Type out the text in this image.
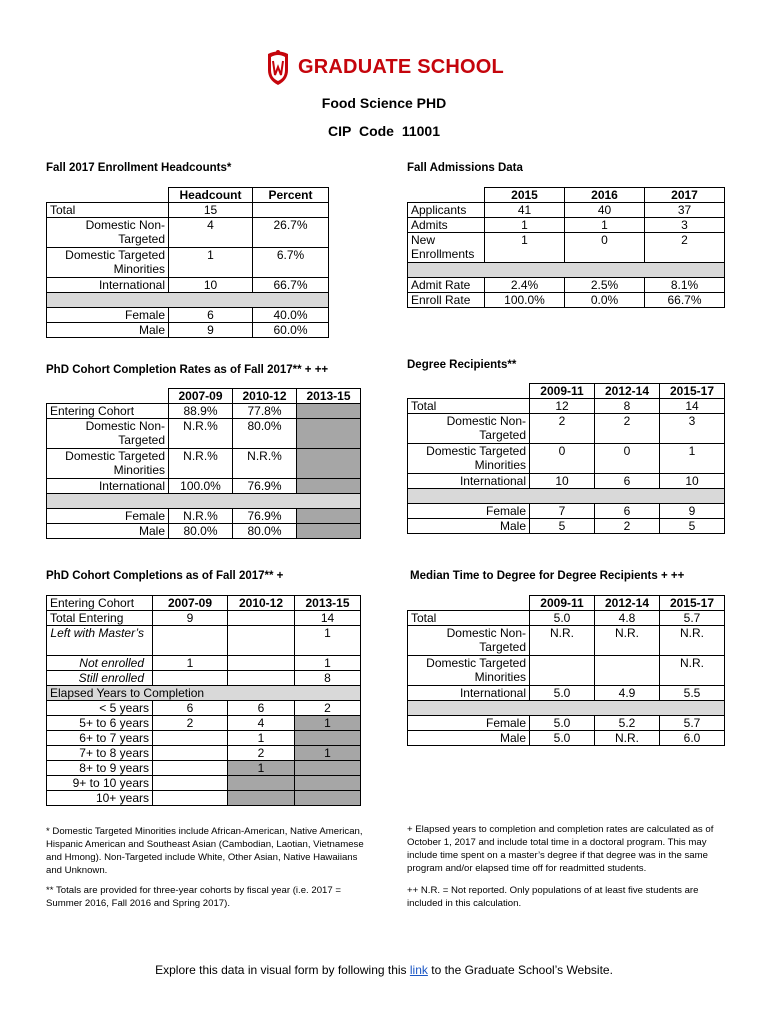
GRADUATE SCHOOL
Food Science PHD
CIP Code 11001
Fall 2017 Enrollment Headcounts*
	Headcount	Percent
Total	15	
Domestic Non-Targeted	4	26.7%
Domestic Targeted Minorities	1	6.7%
International	10	66.7%

Female	6	40.0%
Male	9	60.0%
Fall Admissions Data
	2015	2016	2017
Applicants	41	40	37
Admits	1	1	3
New Enrollments	1	0	2

Admit Rate	2.4%	2.5%	8.1%
Enroll Rate	100.0%	0.0%	66.7%
PhD Cohort Completion Rates as of Fall 2017** + ++
	2007-09	2010-12	2013-15
Entering Cohort	88.9%	77.8%	
Domestic Non-Targeted	N.R.%	80.0%	
Domestic Targeted Minorities	N.R.%	N.R.%	
International	100.0%	76.9%	

Female	N.R.%	76.9%	
Male	80.0%	80.0%	
Degree Recipients**
	2009-11	2012-14	2015-17
Total	12	8	14
Domestic Non-Targeted	2	2	3
Domestic Targeted Minorities	0	0	1
International	10	6	10

Female	7	6	9
Male	5	2	5
PhD Cohort Completions as of Fall 2017** +
Entering Cohort	2007-09	2010-12	2013-15
Total Entering	9		14
Left with Master’s			1
Not enrolled	1		1
Still enrolled			8
Elapsed Years to Completion			
< 5 years	6	6	2
5+ to 6 years	2	4	1
6+ to 7 years		1	
7+ to 8 years		2	1
8+ to 9 years		1	
9+ to 10 years			
10+ years			
Median Time to Degree for Degree Recipients + ++
	2009-11	2012-14	2015-17
Total	5.0	4.8	5.7
Domestic Non-Targeted	N.R.	N.R.	N.R.
Domestic Targeted Minorities			N.R.
International	5.0	4.9	5.5

Female	5.0	5.2	5.7
Male	5.0	N.R.	6.0
* Domestic Targeted Minorities include African-American, Native American, Hispanic American and Southeast Asian (Cambodian, Laotian, Vietnamese and Hmong). Non-Targeted include White, Other Asian, Native Hawaiians and Unknown.
** Totals are provided for three-year cohorts by fiscal year (i.e. 2017 = Summer 2016, Fall 2016 and Spring 2017).
+ Elapsed years to completion and completion rates are calculated as of October 1, 2017 and include total time in a doctoral program. This may include time spent on a master’s degree if that degree was in the same program and/or elapsed time off for readmitted students.
++ N.R. = Not reported. Only populations of at least five students are included in this calculation.
Explore this data in visual form by following this link to the Graduate School’s Website.
